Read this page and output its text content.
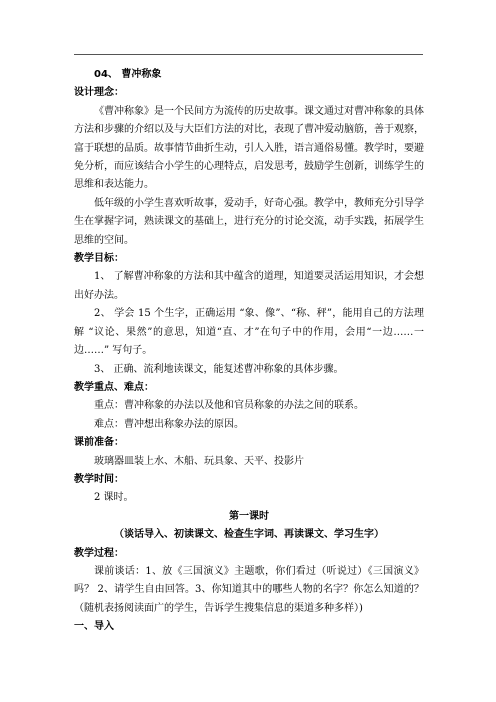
04、 曹冲称象

设计理念：

《曹冲称象》是一个民间方为流传的历史故事。课文通过对曹冲称象的具体方法和步骤的介绍以及与大臣们方法的对比，表现了曹冲爱动脑筋，善于观察，富于联想的品质。故事情节曲折生动，引人入胜，语言通俗易懂。教学时，要避免分析，而应该结合小学生的心理特点，启发思考，鼓励学生创新，训练学生的思维和表达能力。

低年级的小学生喜欢听故事，爱动手，好奇心强。教学中，教师充分引导学生在掌握字词，熟读课文的基础上，进行充分的讨论交流，动手实践，拓展学生思维的空间。

教学目标：

1、 了解曹冲称象的方法和其中蕴含的道理，知道要灵活运用知识，才会想出好办法。

2、 学会 15 个生字，正确运用 “象、像”、“称、秤”，能用自己的方法理解 “议论、果然”的意思，知道“直、才”在句子中的作用，会用“一边……一边……” 写句子。

3、 正确、流利地读课文，能复述曹冲称象的具体步骤。

教学重点、难点：

重点：曹冲称象的办法以及他和官员称象的办法之间的联系。

难点：曹冲想出称象办法的原因。

课前准备：

玻璃器皿装上水、木船、玩具象、天平、投影片

教学时间：

2 课时。

第一课时

（谈话导入、初读课文、检查生字词、再读课文、学习生字）

教学过程：

课前谈话：1、放《三国演义》主题歌，你们看过（听说过）《三国演义》吗？ 2、请学生自由回答。3、你知道其中的哪些人物的名字？你怎么知道的？（随机表扬阅读面广的学生，告诉学生搜集信息的渠道多种多样）)

一、导入
